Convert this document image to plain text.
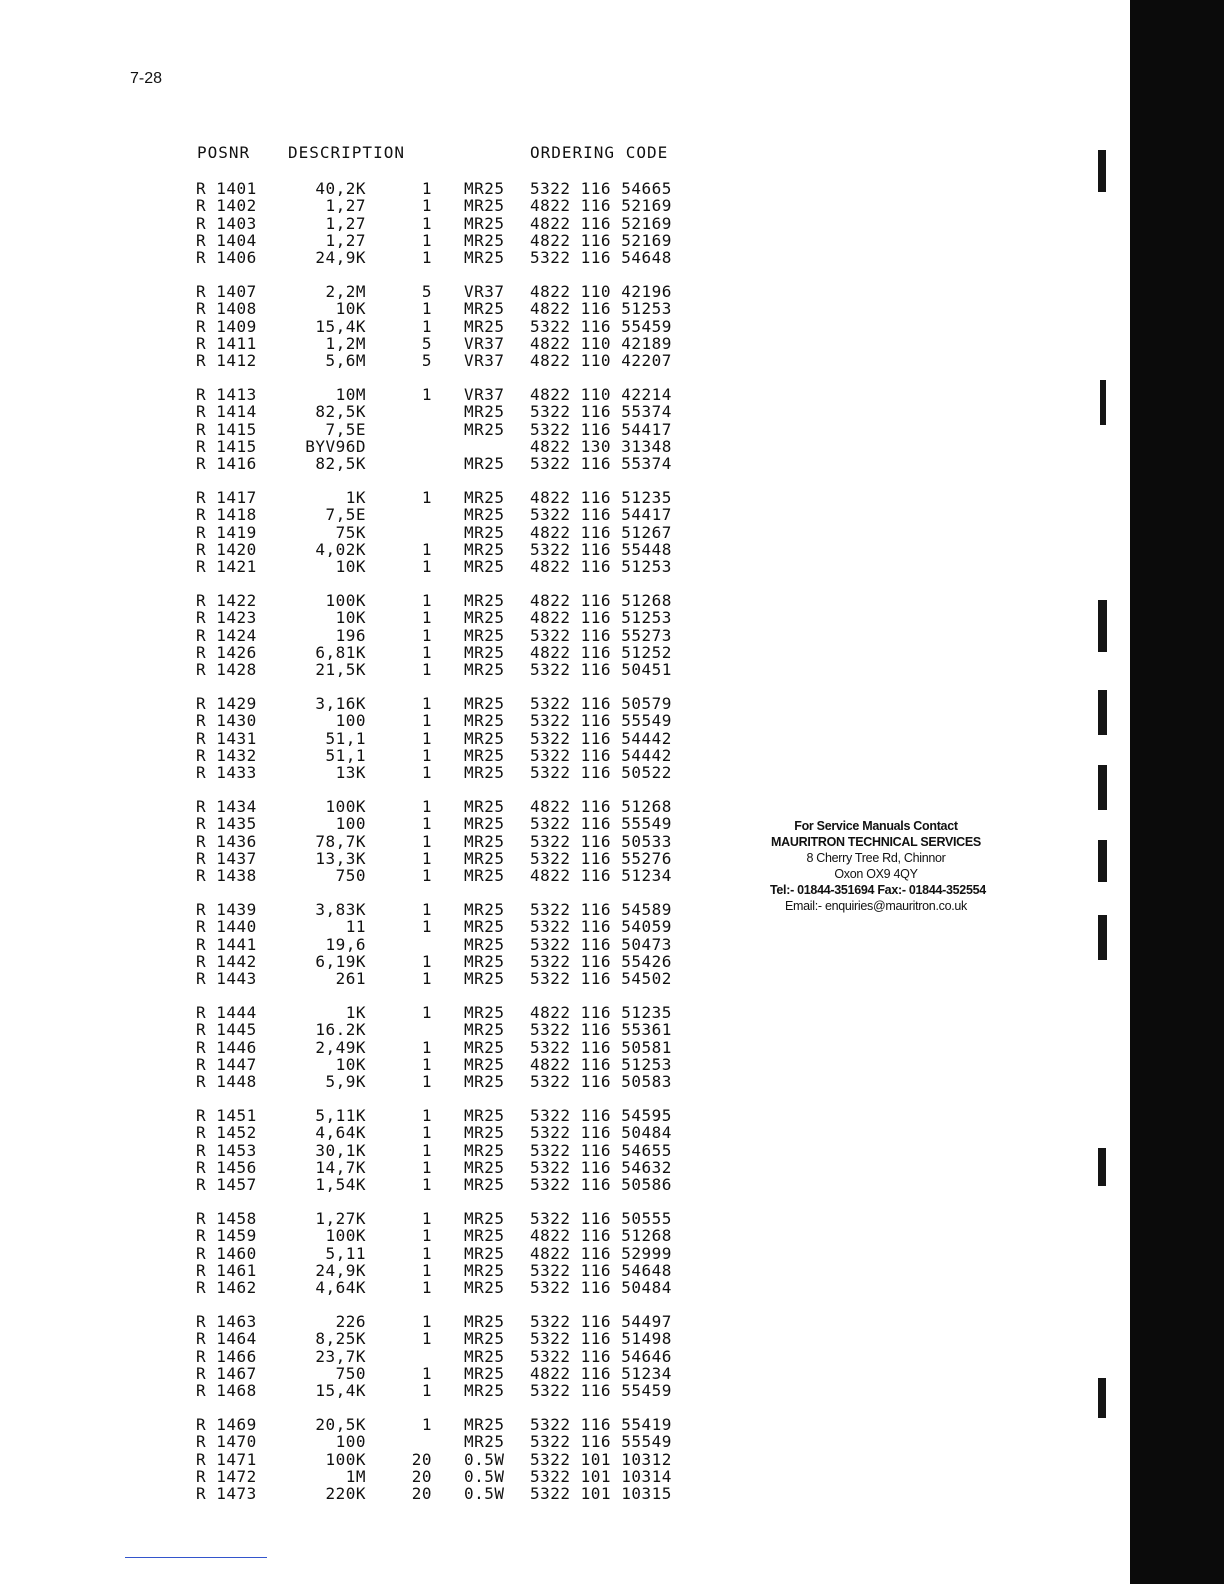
7-28
POSNR DESCRIPTION	ORDERING CODE
R 1401	40,2K	1 MR25 5322 116 54665
R 1402	1,27	1 MR25 4822 116 52169
R 1403	1,27	1 MR25 4822 116 52169
R 1404	1,27	1 MR25 4822 116 52169
R 1406	24,9K	1 MR25 5322 116 54648
R 1407	2,2M	5 VR37 4822 110 42196
R 1408	10K	1 MR25 4822 116 51253
R 1409	15,4K	1 MR25 5322 116 55459
R 1411	1,2M	5 VR37 4822 110 42189
R 1412	5,6M	5 VR37 4822 110 42207
R 1413	10M	1 VR37 4822 110 42214
R 1414	82,5K	MR25 5322 116 55374
R 1415	7,5E	MR25 5322 116 54417
R 1415	BYV96D	4822 130 31348
R 1416	82,5K	MR25 5322 116 55374
R 1417	1K	1 MR25 4822 116 51235
R 1418	7,5E	MR25 5322 116 54417
R 1419	75K	MR25 4822 116 51267
R 1420	4,02K	1 MR25 5322 116 55448
R 1421	10K	1 MR25 4822 116 51253
R 1422	100K	1 MR25 4822 116 51268
R 1423	10K	1 MR25 4822 116 51253
R 1424	196	1 MR25 5322 116 55273
R 1426	6,81K	1 MR25 4822 116 51252
R 1428	21,5K	1 MR25 5322 116 50451
R 1429	3,16K	1 MR25 5322 116 50579
R 1430	100	1 MR25 5322 116 55549
R 1431	51,1	1 MR25 5322 116 54442
R 1432	51,1	1 MR25 5322 116 54442
R 1433	13K	1 MR25 5322 116 50522
R 1434	100K	1 MR25 4822 116 51268
R 1435	100	1 MR25 5322 116 55549
R 1436	78,7K	1 MR25 5322 116 50533
R 1437	13,3K	1 MR25 5322 116 55276
R 1438	750	1 MR25 4822 116 51234
R 1439	3,83K	1 MR25 5322 116 54589
R 1440	11	1 MR25 5322 116 54059
R 1441	19,6	MR25 5322 116 50473
R 1442	6,19K	1 MR25 5322 116 55426
R 1443	261	1 MR25 5322 116 54502
R 1444	1K	1 MR25 4822 116 51235
R 1445	16.2K	MR25 5322 116 55361
R 1446	2,49K	1 MR25 5322 116 50581
R 1447	10K	1 MR25 4822 116 51253
R 1448	5,9K	1 MR25 5322 116 50583
R 1451	5,11K	1 MR25 5322 116 54595
R 1452	4,64K	1 MR25 5322 116 50484
R 1453	30,1K	1 MR25 5322 116 54655
R 1456	14,7K	1 MR25 5322 116 54632
R 1457	1,54K	1 MR25 5322 116 50586
R 1458	1,27K	1 MR25 5322 116 50555
R 1459	100K	1 MR25 4822 116 51268
R 1460	5,11	1 MR25 4822 116 52999
R 1461	24,9K	1 MR25 5322 116 54648
R 1462	4,64K	1 MR25 5322 116 50484
R 1463	226	1 MR25 5322 116 54497
R 1464	8,25K	1 MR25 5322 116 51498
R 1466	23,7K	MR25 5322 116 54646
R 1467	750	1 MR25 4822 116 51234
R 1468	15,4K	1 MR25 5322 116 55459
R 1469	20,5K	1 MR25 5322 116 55419
R 1470	100	MR25 5322 116 55549
R 1471	100K	20 0.5W 5322 101 10312
R 1472	1M	20 0.5W 5322 101 10314
R 1473	220K	20 0.5W 5322 101 10315
For Service Manuals Contact
MAURITRON TECHNICAL SERVICES
8 Cherry Tree Rd, Chinnor
Oxon OX9 4QY
Tel:- 01844-351694 Fax:- 01844-352554
Email:- enquiries@mauritron.co.uk
